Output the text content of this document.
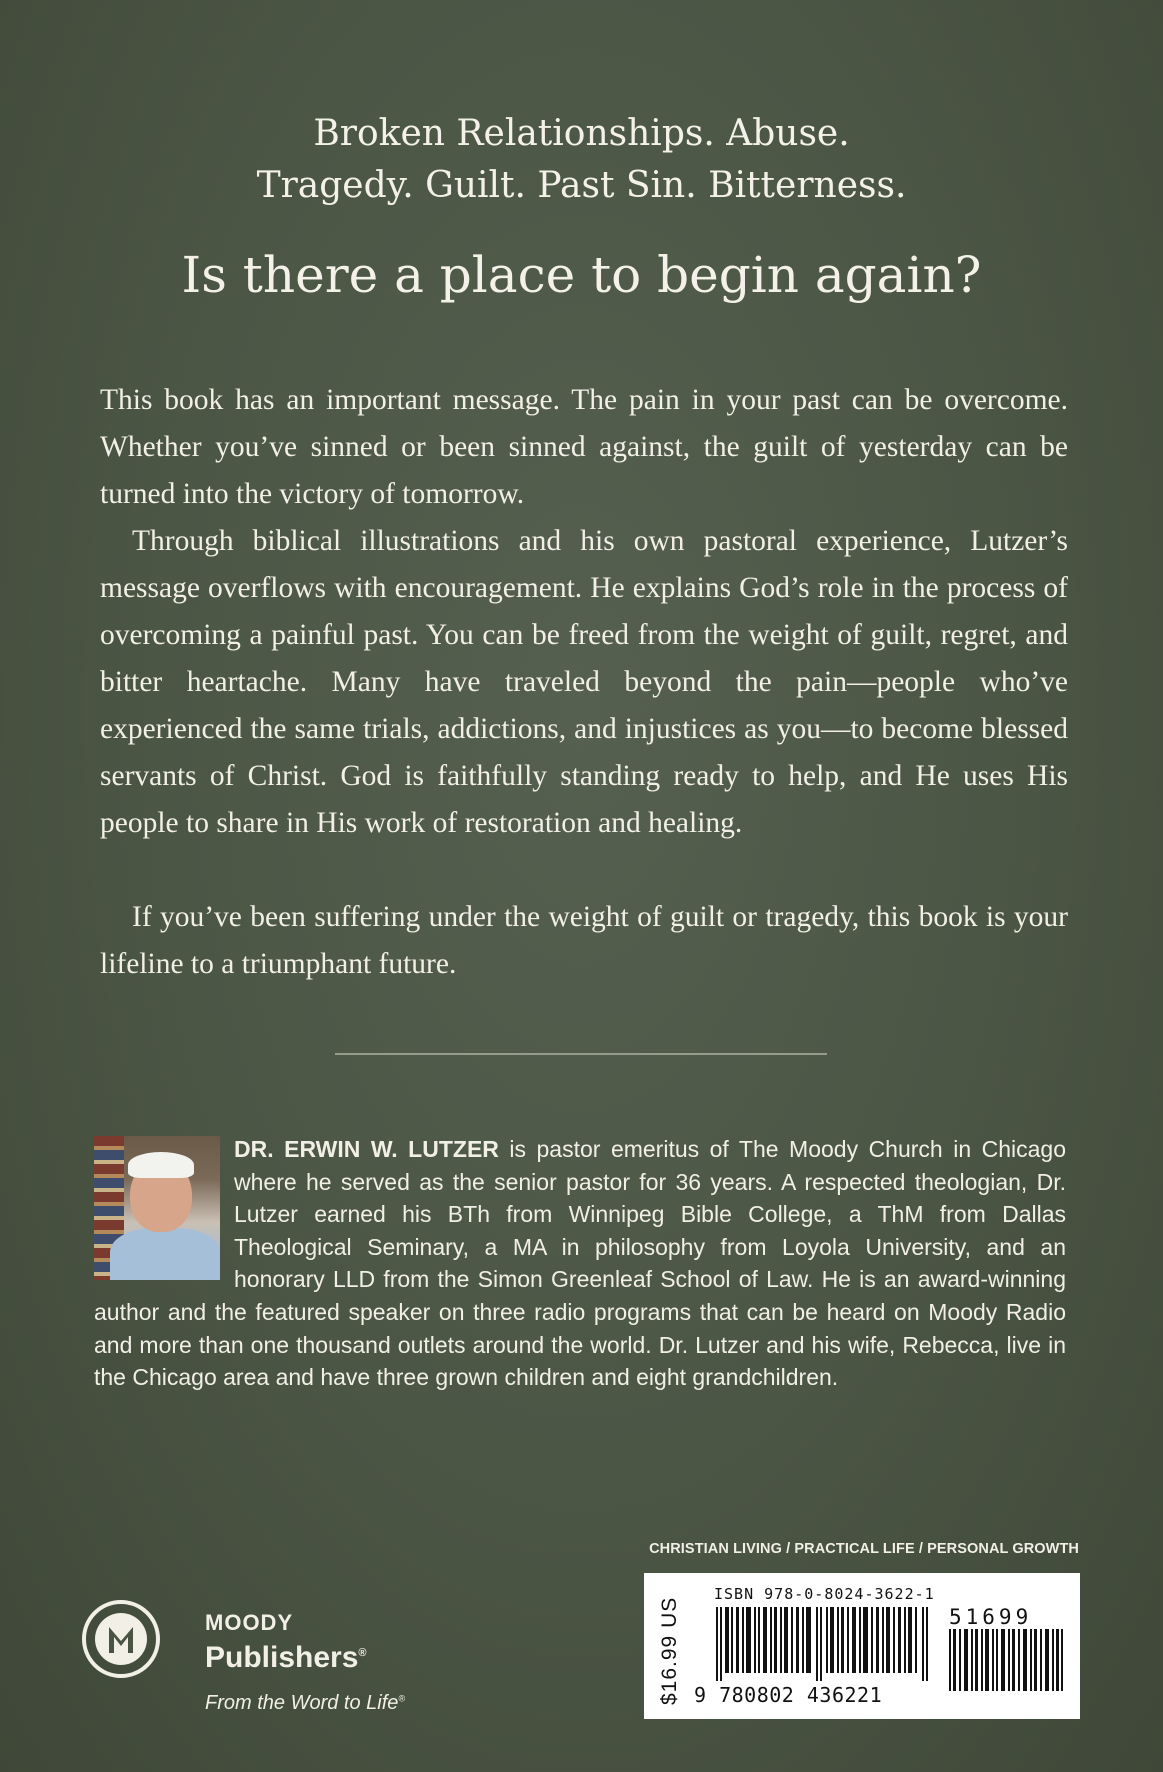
Broken Relationships. Abuse.
Tragedy. Guilt. Past Sin. Bitterness.
Is there a place to begin again?

This book has an important message. The pain in your past can be overcome. Whether you’ve sinned or been sinned against, the guilt of yesterday can be turned into the victory of tomorrow.

Through biblical illustrations and his own pastoral experience, Lutzer’s message overflows with encouragement. He explains God’s role in the process of overcoming a painful past. You can be freed from the weight of guilt, regret, and bitter heartache. Many have traveled beyond the pain—people who’ve experienced the same trials, addictions, and injustices as you—to become blessed servants of Christ. God is faithfully standing ready to help, and He uses His people to share in His work of restoration and healing.

If you’ve been suffering under the weight of guilt or tragedy, this book is your lifeline to a triumphant future.

DR. ERWIN W. LUTZER is pastor emeritus of The Moody Church in Chicago where he served as the senior pastor for 36 years. A respected theologian, Dr. Lutzer earned his BTh from Winnipeg Bible College, a ThM from Dallas Theological Seminary, a MA in philosophy from Loyola University, and an honorary LLD from the Simon Greenleaf School of Law. He is an award-winning author and the featured speaker on three radio programs that can be heard on Moody Radio and more than one thousand outlets around the world. Dr. Lutzer and his wife, Rebecca, live in the Chicago area and have three grown children and eight grandchildren.
CHRISTIAN LIVING / PRACTICAL LIFE / PERSONAL GROWTH
$16.99 US
ISBN 978-0-8024-3622-1
9 780802 436221
51699
MOODY
Publishers®
From the Word to Life®
